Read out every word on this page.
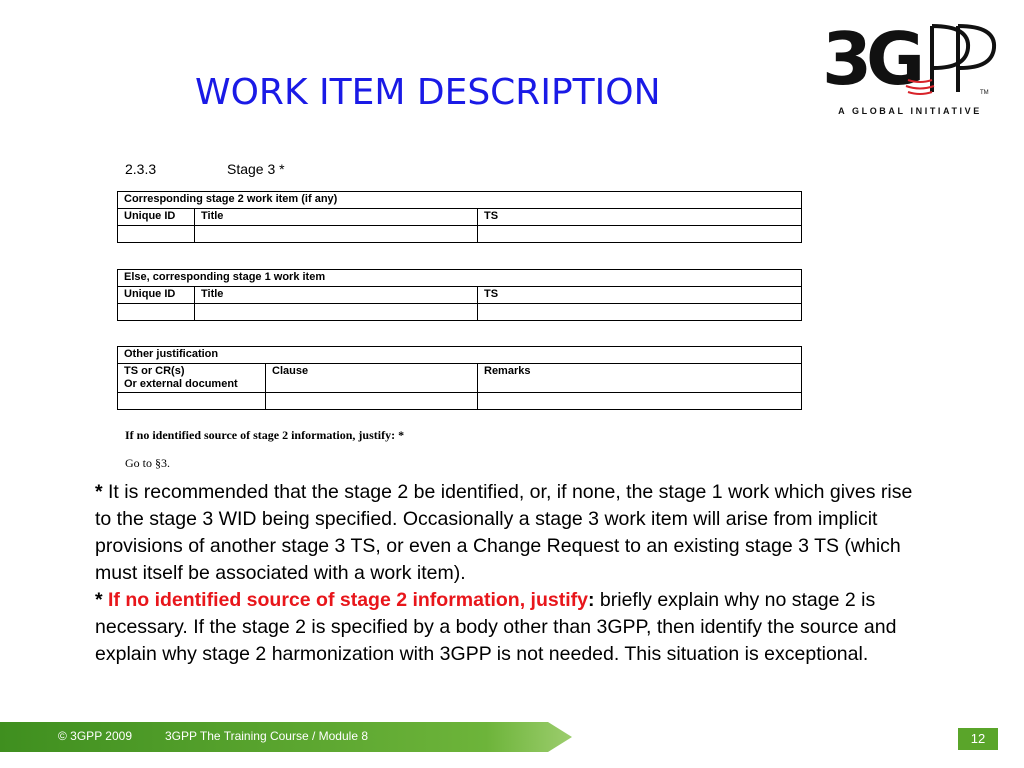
WORK ITEM DESCRIPTION 3
G	TM
A GLOBAL INITIATIVE
2.3.3	Stage 3 *
Corresponding stage 2 work item (if any)		
Unique ID	Title	TS

Else, corresponding stage 1 work item		
Unique ID	Title	TS

Other justification		
TS or CR(s)
Or external document	Clause	Remarks

If no identified source of stage 2 information, justify: *
Go to §3.
* It is recommended that the stage 2 be identified, or, if none, the stage 1 work which gives rise to the stage 3 WID being specified. Occasionally a stage 3 work item will arise from implicit provisions of another stage 3 TS, or even a Change Request to an existing stage 3 TS (which must itself be associated with a work item).
* If no identified source of stage 2 information, justify: briefly explain why no stage 2 is necessary. If the stage 2 is specified by a body other than 3GPP, then identify the source and explain why stage 2 harmonization with 3GPP is not needed. This situation is exceptional.
© 3GPP 2009	3GPP The Training Course / Module 8	12
